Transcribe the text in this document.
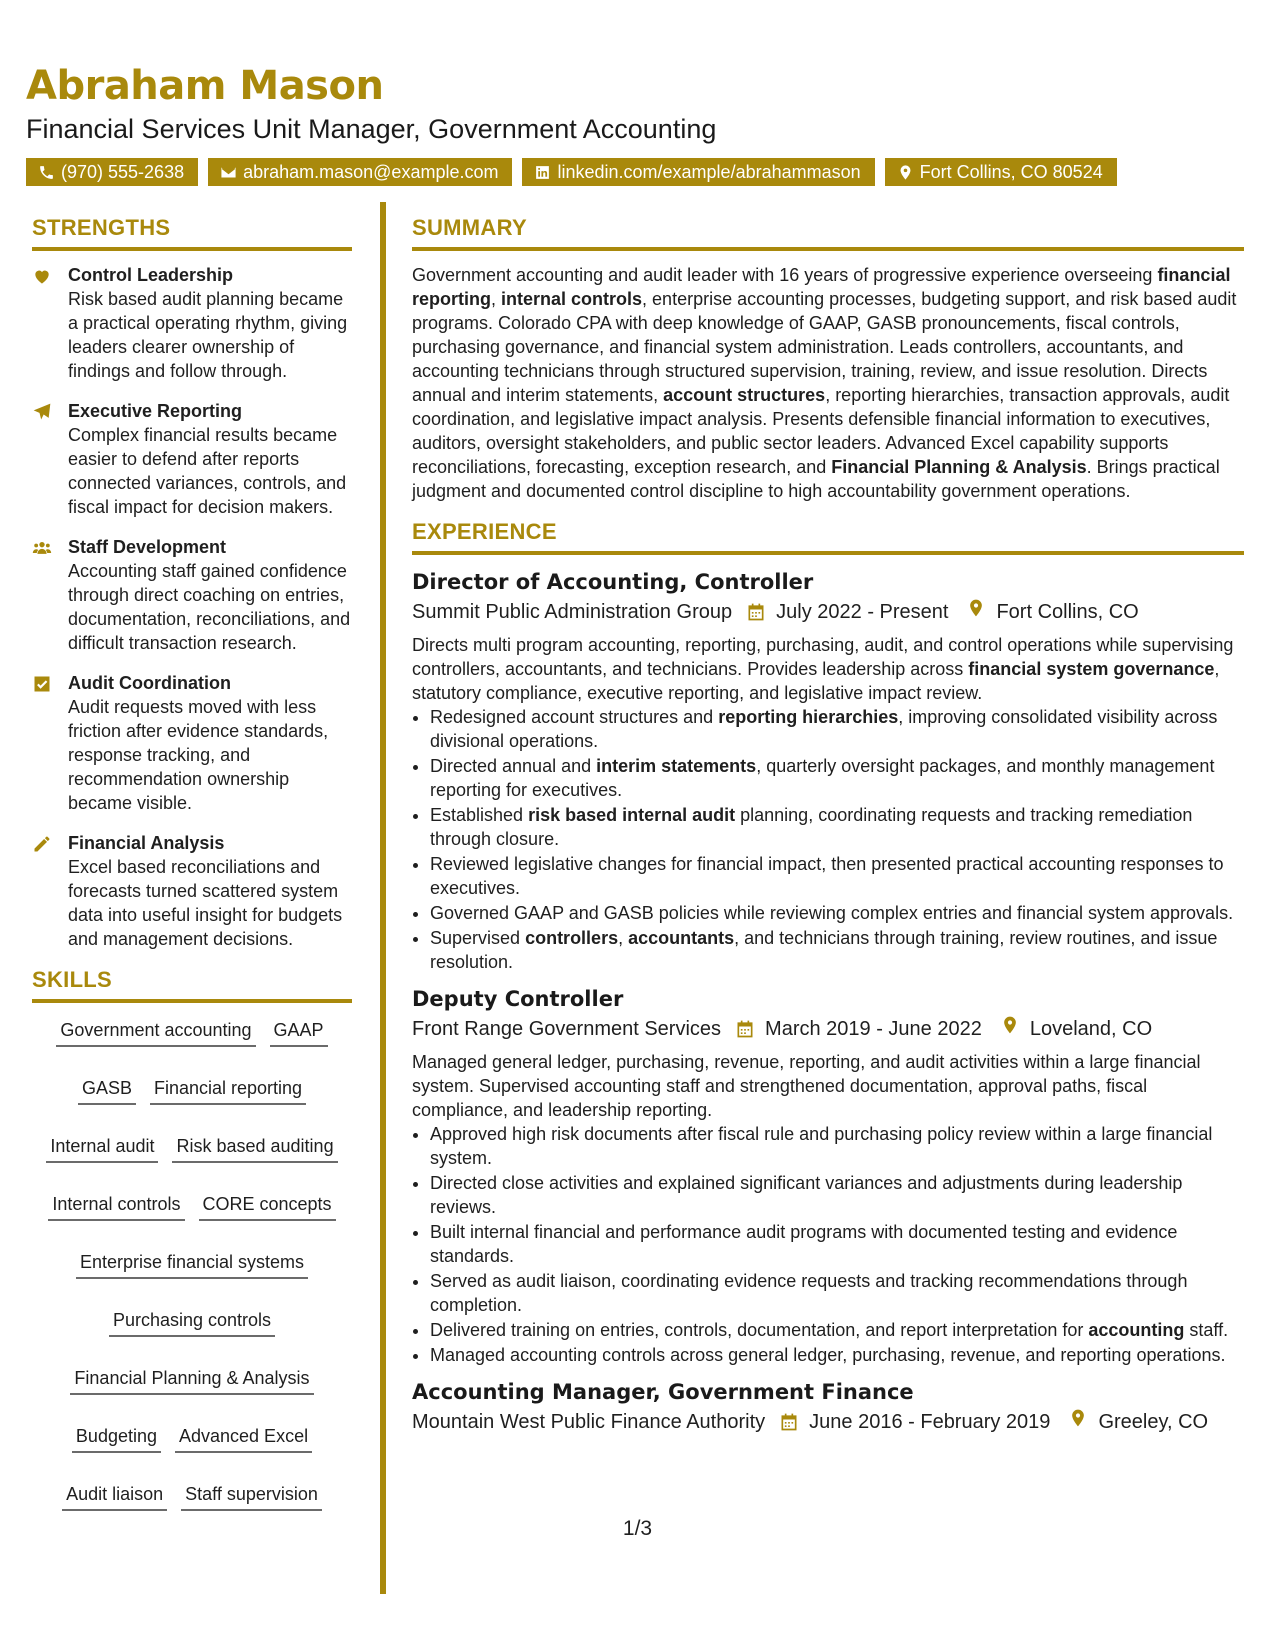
Abraham Mason
Financial Services Unit Manager, Government Accounting
(970) 555-2638	abraham.mason@example.com	linkedin.com/example/abrahammason	Fort Collins, CO 80524
STRENGTHS
Control Leadership
Risk based audit planning became a practical operating rhythm, giving leaders clearer ownership of findings and follow through.
Executive Reporting
Complex financial results became easier to defend after reports connected variances, controls, and fiscal impact for decision makers.
Staff Development
Accounting staff gained confidence through direct coaching on entries, documentation, reconciliations, and difficult transaction research.
Audit Coordination
Audit requests moved with less friction after evidence standards, response tracking, and recommendation ownership became visible.
Financial Analysis
Excel based reconciliations and forecasts turned scattered system data into useful insight for budgets and management decisions.
SKILLS
Government accounting GAAP
GASB Financial reporting
Internal audit Risk based auditing
Internal controls CORE concepts
Enterprise financial systems
Purchasing controls
Financial Planning & Analysis
Budgeting Advanced Excel
Audit liaison Staff supervision
SUMMARY
Government accounting and audit leader with 16 years of progressive experience overseeing financial reporting, internal controls, enterprise accounting processes, budgeting support, and risk based audit programs. Colorado CPA with deep knowledge of GAAP, GASB pronouncements, fiscal controls, purchasing governance, and financial system administration. Leads controllers, accountants, and accounting technicians through structured supervision, training, review, and issue resolution. Directs annual and interim statements, account structures, reporting hierarchies, transaction approvals, audit coordination, and legislative impact analysis. Presents defensible financial information to executives, auditors, oversight stakeholders, and public sector leaders. Advanced Excel capability supports reconciliations, forecasting, exception research, and Financial Planning & Analysis. Brings practical judgment and documented control discipline to high accountability government operations.
EXPERIENCE
Director of Accounting, Controller
Summit Public Administration Group July 2022 - Present Fort Collins, CO
Directs multi program accounting, reporting, purchasing, audit, and control operations while supervising controllers, accountants, and technicians. Provides leadership across financial system governance, statutory compliance, executive reporting, and legislative impact review.
• Redesigned account structures and reporting hierarchies, improving consolidated visibility across divisional operations.
• Directed annual and interim statements, quarterly oversight packages, and monthly management reporting for executives.
• Established risk based internal audit planning, coordinating requests and tracking remediation through closure.
• Reviewed legislative changes for financial impact, then presented practical accounting responses to executives.
• Governed GAAP and GASB policies while reviewing complex entries and financial system approvals.
• Supervised controllers, accountants, and technicians through training, review routines, and issue resolution.
Deputy Controller
Front Range Government Services March 2019 - June 2022 Loveland, CO
Managed general ledger, purchasing, revenue, reporting, and audit activities within a large financial system. Supervised accounting staff and strengthened documentation, approval paths, fiscal compliance, and leadership reporting.
• Approved high risk documents after fiscal rule and purchasing policy review within a large financial system.
• Directed close activities and explained significant variances and adjustments during leadership reviews.
• Built internal financial and performance audit programs with documented testing and evidence standards.
• Served as audit liaison, coordinating evidence requests and tracking recommendations through completion.
• Delivered training on entries, controls, documentation, and report interpretation for accounting staff.
• Managed accounting controls across general ledger, purchasing, revenue, and reporting operations.
Accounting Manager, Government Finance
Mountain West Public Finance Authority June 2016 - February 2019 Greeley, CO
1/3
